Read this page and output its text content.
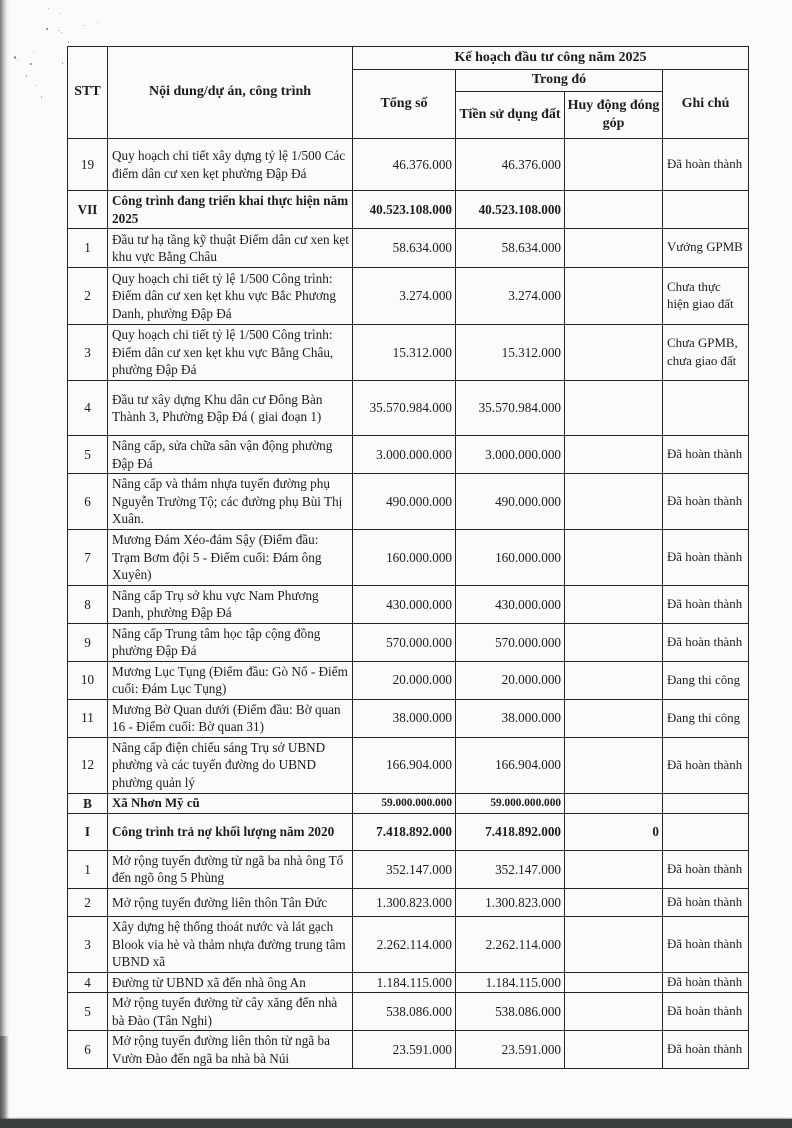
STT	Nội dung/dự án, công trình	Kế hoạch đầu tư công năm 2025			
		Tổng số	Trong đó		Ghi chú
			Tiền sử dụng đất	Huy động đóng góp	
19	Quy hoạch chi tiết xây dựng tỷ lệ 1/500 Các điểm dân cư xen kẹt phường Đập Đá	46.376.000	46.376.000		Đã hoàn thành
VII	Công trình đang triển khai thực hiện năm 2025	40.523.108.000	40.523.108.000		
1	Đầu tư hạ tầng kỹ thuật Điểm dân cư xen kẹt khu vực Bằng Châu	58.634.000	58.634.000		Vướng GPMB
2	Quy hoạch chi tiết tỷ lệ 1/500 Công trình: Điểm dân cư xen kẹt khu vực Bắc Phương Danh, phường Đập Đá	3.274.000	3.274.000		Chưa thực hiện giao đất
3	Quy hoạch chi tiết tỷ lệ 1/500 Công trình: Điểm dân cư xen kẹt khu vực Bằng Châu, phường Đập Đá	15.312.000	15.312.000		Chưa GPMB, chưa giao đất
4	Đầu tư xây dựng Khu dân cư Đông Bàn Thành 3, Phường Đập Đá ( giai đoạn 1)	35.570.984.000	35.570.984.000		
5	Nâng cấp, sửa chữa sân vận động phường Đập Đá	3.000.000.000	3.000.000.000		Đã hoàn thành
6	Nâng cấp và thảm nhựa tuyến đường phụ Nguyễn Trường Tộ; các đường phụ Bùi Thị Xuân.	490.000.000	490.000.000		Đã hoàn thành
7	Mương Đám Xéo-đám Sậy (Điểm đầu: Trạm Bơm đội 5 - Điểm cuối: Đám ông Xuyên)	160.000.000	160.000.000		Đã hoàn thành
8	Nâng cấp Trụ sở khu vực Nam Phương Danh, phường Đập Đá	430.000.000	430.000.000		Đã hoàn thành
9	Nâng cấp Trung tâm học tập cộng đồng phường Đập Đá	570.000.000	570.000.000		Đã hoàn thành
10	Mương Lục Tụng (Điểm đầu: Gò Nổ - Điểm cuối: Đám Lục Tụng)	20.000.000	20.000.000		Đang thi công
11	Mương Bờ Quan dưới (Điểm đầu: Bờ quan 16 - Điểm cuối: Bờ quan 31)	38.000.000	38.000.000		Đang thi công
12	Nâng cấp điện chiếu sáng Trụ sở UBND phường và các tuyến đường do UBND phường quản lý	166.904.000	166.904.000		Đã hoàn thành
B	Xã Nhơn Mỹ cũ	59.000.000.000	59.000.000.000		
I	Công trình trả nợ khối lượng năm 2020	7.418.892.000	7.418.892.000	0	
1	Mở rộng tuyến đường từ ngã ba nhà ông Tổ đến ngõ ông 5 Phùng	352.147.000	352.147.000		Đã hoàn thành
2	Mở rộng tuyến đường liên thôn Tân Đức	1.300.823.000	1.300.823.000		Đã hoàn thành
3	Xây dựng hệ thống thoát nước và lát gạch Blook via hè và thảm nhựa đường trung tâm UBND xã	2.262.114.000	2.262.114.000		Đã hoàn thành
4	Đường từ UBND xã đến nhà ông An	1.184.115.000	1.184.115.000		Đã hoàn thành
5	Mở rộng tuyến đường từ cây xăng đến nhà bà Đào (Tân Nghi)	538.086.000	538.086.000		Đã hoàn thành
6	Mở rộng tuyến đường liên thôn từ ngã ba Vườn Đào đến ngã ba nhà bà Núi	23.591.000	23.591.000		Đã hoàn thành
